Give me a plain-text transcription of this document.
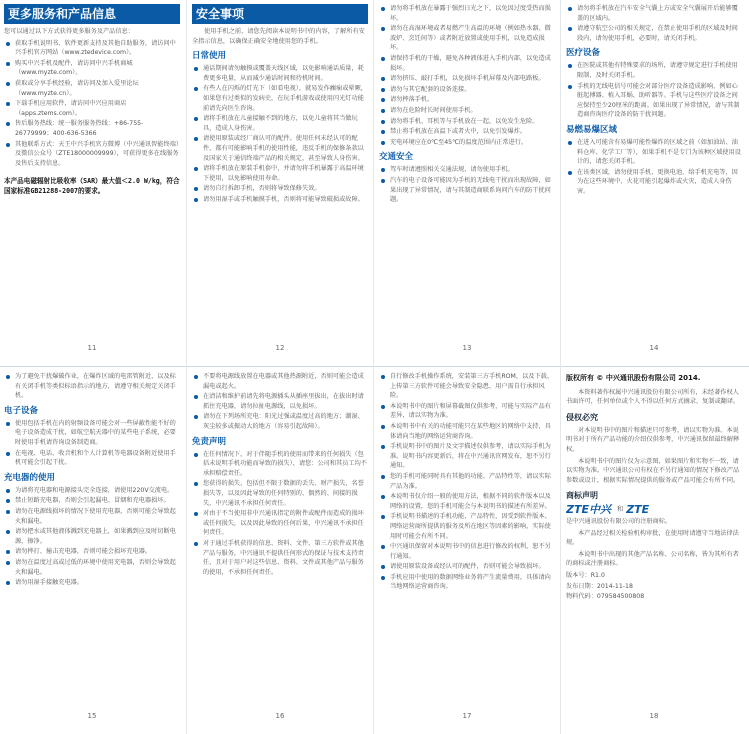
更多服务和产品信息
您可以通过以下方式获得更多服务及产品信息：
获取手机说明书、软件更新支持及其他自助服务，请访问中兴手机官方网站（www.ztedevice.com）。
购买中兴手机及配件，请访问中兴手机商城（www.myzte.com）。
获取或分享手机经验，请访问及加入爱里论坛（www.myzte.cn）。
下载手机应用软件，请访问中兴应用商店（apps.ztems.com）。
售后服务热线：统一服务服务热线：+86-755-26779999；400-636-5366
其他联系方式：天王中兴手机官方微博（中兴通讯智能终端）及微信公众号（ZTE18000009999），可获得更多在线服务及售后支持信息。
本产品电磁辐射比吸收率（SAR）最大值＜2.0 W/kg，符合国家标准GB21288-2007的要求。
11
安全事项
使用手机之前，请您先阅读本说明书中的内容，了解所有安全指示信息，以确保正确安全地使用您的手机。
日常使用
通话期间请勿触摸或覆盖天线区域，以免影响通话质量，耗费更多电量，从而减少通话时间和待机时间。
有些人在闪烁的灯光下（如看电视），就易发作癫痫或晕厥，如果您有过类似的发病史，在玩手机游戏或使用闪光灯功能前请先向医生咨询。
请将手机放在儿童接触不到的地方，以免儿童将其当做玩具，造成人身伤害。
请使用原装或经厂商认可的配件。使用任何未经认可的配件，都有可能影响手机的使用性能，违反手机的保修条款以及国家关于通信终端产品的相关规定，甚至导致人身伤害。
请将手机放在原装手机套中，并请勿将手机暴露于高温环境下使用，以免影响使用寿命。
请勿自行拆卸手机，否则将导致保修失效。
请勿用湿手或手机触摸手机，否则将可能导致破损或故障。
12
请勿将手机放在暴露于强烈日光之下，以免因过度受热而损坏。
请勿在高湿环境或者易燃产生高温的环境（例如热水器、微波炉、烹饪间等）或者附近放置或使用手机，以免造成损坏。
请保持手机的干燥，避免各种液体进入手机内部，以免造成损坏。
请勿挤压、敲打手机，以免损坏手机屏幕及内部电路板。
请勿与其它配套的设备连接。
请勿摔落手机。
请勿在危险时长时间使用手机。
请勿将手机、耳机等与手机放在一起，以免发生危险。
禁止将手机放在高温下或者火中，以免引发爆炸。
充电环境应在0℃至45℃的温度范围内正常进行。
交通安全
驾车时请遵照相关交通法规，请勿使用手机。
汽车的电子设备可能因为手机的无线电干扰而出现故障，如果出现了异常情况，请与其制造商联系询问汽车的防干扰问题。
13
请勿将手机放在汽车安全气囊上方或安全气囊展开后能够覆盖的区域内。
请遵守航空公司的相关规定，在禁止使用手机的区域及时间段内，请勿使用手机，必要时，请关闭手机。
医疗设备
在医院或其他有特殊要求的场所，请遵守规定进行手机使用限制，及时关闭手机。
手机的无线电信号可能会对部分医疗设备造成影响，例如心脏起搏器、植入耳蜗、助听器等。手机与这些医疗设备之间应保持至少20厘米的距离。如果出现了异常情况，请与其制造商咨询医疗设备的防干扰问题。
易燃易爆区域
在进入可能含有易爆可能性爆炸的区域之前（如加油站、油料仓库、化学工厂等），如果手机不是专门为该种区域使用设计的，请您关闭手机。
在该类区域，请勿使用手机、更换电池、给手机充电等，因为在这些环境中，火花可能引起爆炸或火灾，造成人身伤害。
14
为了避免干扰爆破作业，在爆炸区域的电雷管附近、以及标有关闭手机等类似标语指示的地方，请遵守相关规定关闭手机。
电子设备
使用包括手机在内的射频设备可能会对一些屏蔽性能不好的电子设备造成干扰，如航空航天器中的某些电子系统，必要时使用手机请咨询设备制造商。
在电视、电话、收音机和个人计算机等电器设备附近使用手机可能会引起干扰。
充电器的使用
为请将充电器和电源接头完全连接，请使用220V交流电。
禁止短路充电器，否则会引起漏电、冒烟和充电器损坏。
请勿在电源线损坏的情况下使用充电器，否则可能会导致起火和漏电。
请勿把水或其他液体溅到充电器上，如果溅到应及时切断电源，擦净。
请勿摔打、撞击充电器，否则可能会损坏充电器。
请勿在温度过高或过低的环境中使用充电器，否则会导致起火和漏电。
请勿用湿手接触充电器。
15
不要将电源线放置在电器或其他热源附近，否则可能会造成漏电或起火。
在清洁和维护前请先将电源插头从插座里拔出，在拔出时请抓住充电器，请勿拉扯电源线，以免损坏。
请勿在下列场所充电：阳光过强或温度过高的地方；潮湿、灰尘较多或振动大的地方（容易引起故障）。
免责声明
在任何情况下，对于伴随手机的使用而带来的任何损失（包括未说明手机功能而导致的损失），请您：公司和其员工均不承担赔偿责任。
您获得的损失，包括但不限于数据的丢失、财产损失、名誉损失等，以及因此导致的任何特别的、偶然的、间接的损失，中兴通讯不承担任何责任。
对由于不当使用非中兴通讯指定的附件或配件而造成的损坏或任何损失，以及因此导致的任何后果，中兴通讯不承担任何责任。
对于通过手机获得的信息、资料、文件、第三方软件或其他产品与服务，中兴通讯不提供任何形式的保证与技术支持责任，且对于用户对这些信息、资料、文件或其他产品与服务的使用，不承担任何责任。
16
自行修改手机操作系统，安装第三方手机ROM，以及下载、上传第三方软件可能会导致安全隐患，用户需自行承担风险。
本说明书中的图片和屏幕截图仅供参考，可能与实际产品有差异，请以实物为准。
本说明书中有关的功能可能只在某些地区的网络中支持，具体请向当地的网络运营商咨询。
手机说明书中的图片及文字描述仅供参考，请以实际手机为准。说明书内容更新后，将在中兴通讯官网发布，恕不另行通知。
您的手机可能同时具有其他的功能、产品特性等，请以实际产品为准。
本说明书仅介绍一般的使用方法，根据不同的软件版本以及网络的设置，您的手机可能会与本说明书的描述有所差异。
手机说明书描述的手机功能，产品特性，因受到软件版本、网络运营商所提供的服务及所在地区等因素的影响，实际使用时可能会有所不同。
中兴通讯保留对本说明书中的信息进行修改的权利，恕不另行通知。
请使用原装设备或经认可的配件，否则可能会导致损坏。
手机应用中使用的数据网络业务将产生流量费用，具体请向当地网络运营商咨询。
17
版权所有 © 中兴通讯股份有限公司 2014.
本资料著作权属中兴通讯股份有限公司所有，未经著作权人书面许可，任何单位或个人不得以任何方式摘录、复制或翻译。
侵权必究
对本说明书中的图片和描述只可参考，请以实物为准。本说明书对于所有产品功能的介绍仅供参考，中兴通讯保留最终解释权。
本说明书中的图片仅为示意图，如果图片和实物不一致，请以实物为准。中兴通讯公司有权在不另行通知的情况下修改产品参数或设计，根据实际情况提供的服务或产品可能会有所不同。
商标声明
ZTE中兴 和 ZTE
是中兴通讯股份有限公司的注册商标。
本产品经过相关检验机构审批，在使用时请遵守当地法律法规。
本说明书中出现的其他产品名称、公司名称，皆为其所有者的商标或注册商标。
版本号：R1.0
发布日期：2014-11-18
物料代码：079584500808
18
